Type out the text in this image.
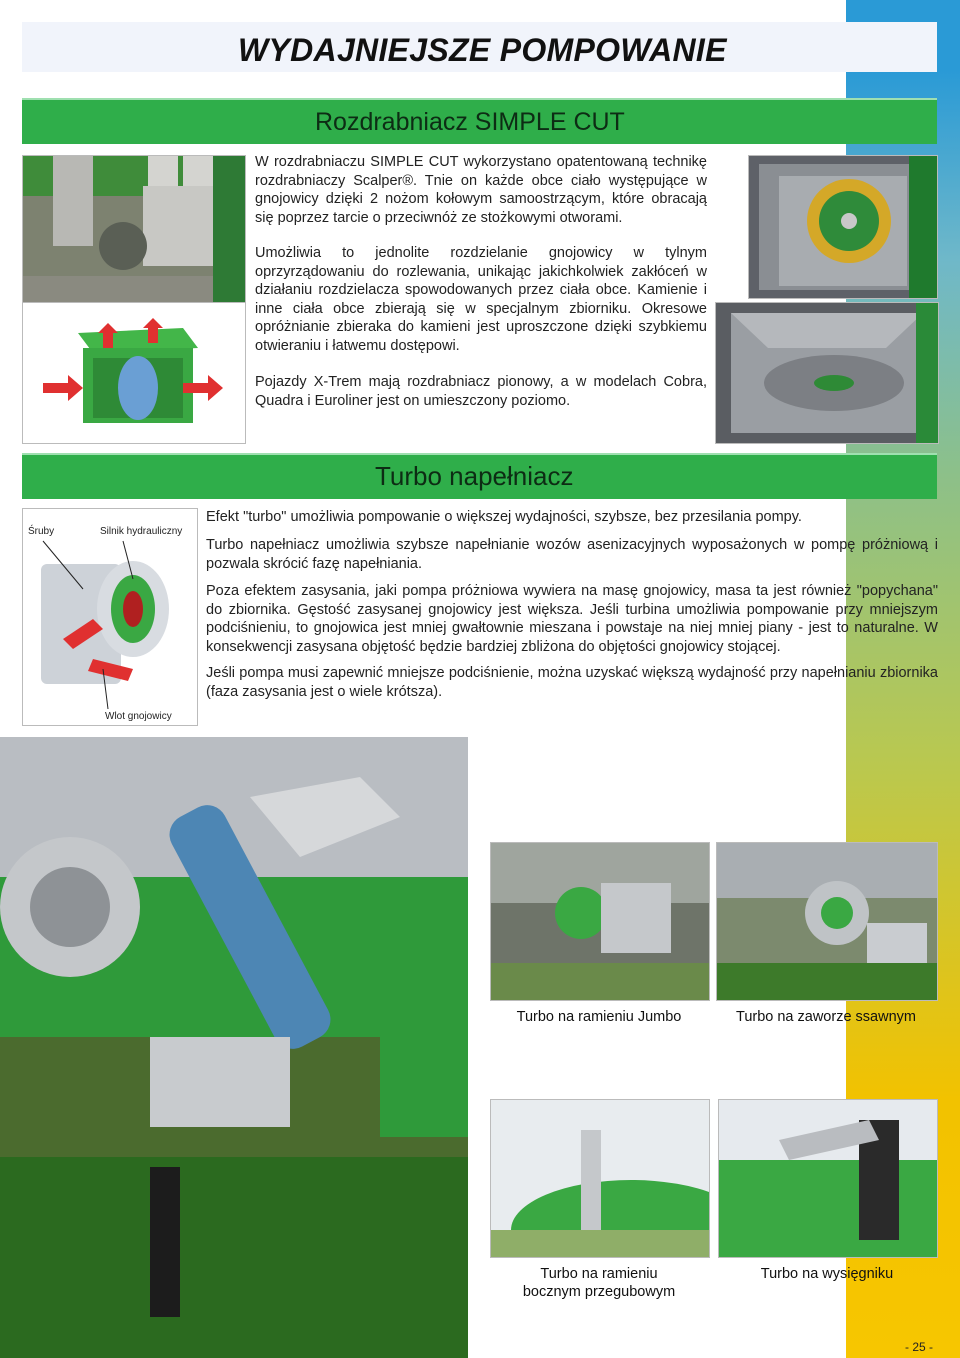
WYDAJNIEJSZE POMPOWANIE
Rozdrabniacz SIMPLE CUT

W rozdrabniaczu SIMPLE CUT wykorzystano opatentowaną technikę rozdrabniaczy Scalper®. Tnie on każde obce ciało występujące w gnojowicy dzięki 2 nożom kołowym samoostrzącym, które obracają się poprzez tarcie o przeciwnóż ze stożkowymi otworami.

Umożliwia to jednolite rozdzielanie gnojowicy w tylnym oprzyrządowaniu do rozlewania, unikając jakichkolwiek zakłóceń w działaniu rozdzielacza spowodowanych przez ciała obce. Kamienie i inne ciała obce zbierają się w specjalnym zbiorniku. Okresowe opróżnianie zbieraka do kamieni jest uproszczone dzięki szybkiemu otwieraniu i łatwemu dostępowi.

Pojazdy X-Trem mają rozdrabniacz pionowy, a w modelach Cobra, Quadra i Euroliner jest on umieszczony poziomo.

Turbo napełniacz
Śruby	Silnik hydrauliczny
Wlot gnojowicy

Efekt "turbo" umożliwia pompowanie o większej wydajności, szybsze, bez przesilania pompy.

Turbo napełniacz umożliwia szybsze napełnianie wozów asenizacyjnych wyposażonych w pompę próżniową i pozwala skrócić fazę napełniania.

Poza efektem zasysania, jaki pompa próżniowa wywiera na masę gnojowicy, masa ta jest również "popychana" do zbiornika. Gęstość zasysanej gnojowicy jest większa. Jeśli turbina umożliwia pompowanie przy mniejszym podciśnieniu, to gnojowica jest mniej gwałtownie mieszana i powstaje na niej mniej piany - jest to naturalne. W konsekwencji zasysana objętość będzie bardziej zbliżona do objętości gnojowicy stojącej.

Jeśli pompa musi zapewnić mniejsze podciśnienie, można uzyskać większą wydajność przy napełnianiu zbiornika (faza zasysania jest o wiele krótsza).

Turbo na ramieniu Jumbo	Turbo na zaworze ssawnym
Turbo na ramieniu
bocznym przegubowym
Turbo na wysięgniku
- 25 -
